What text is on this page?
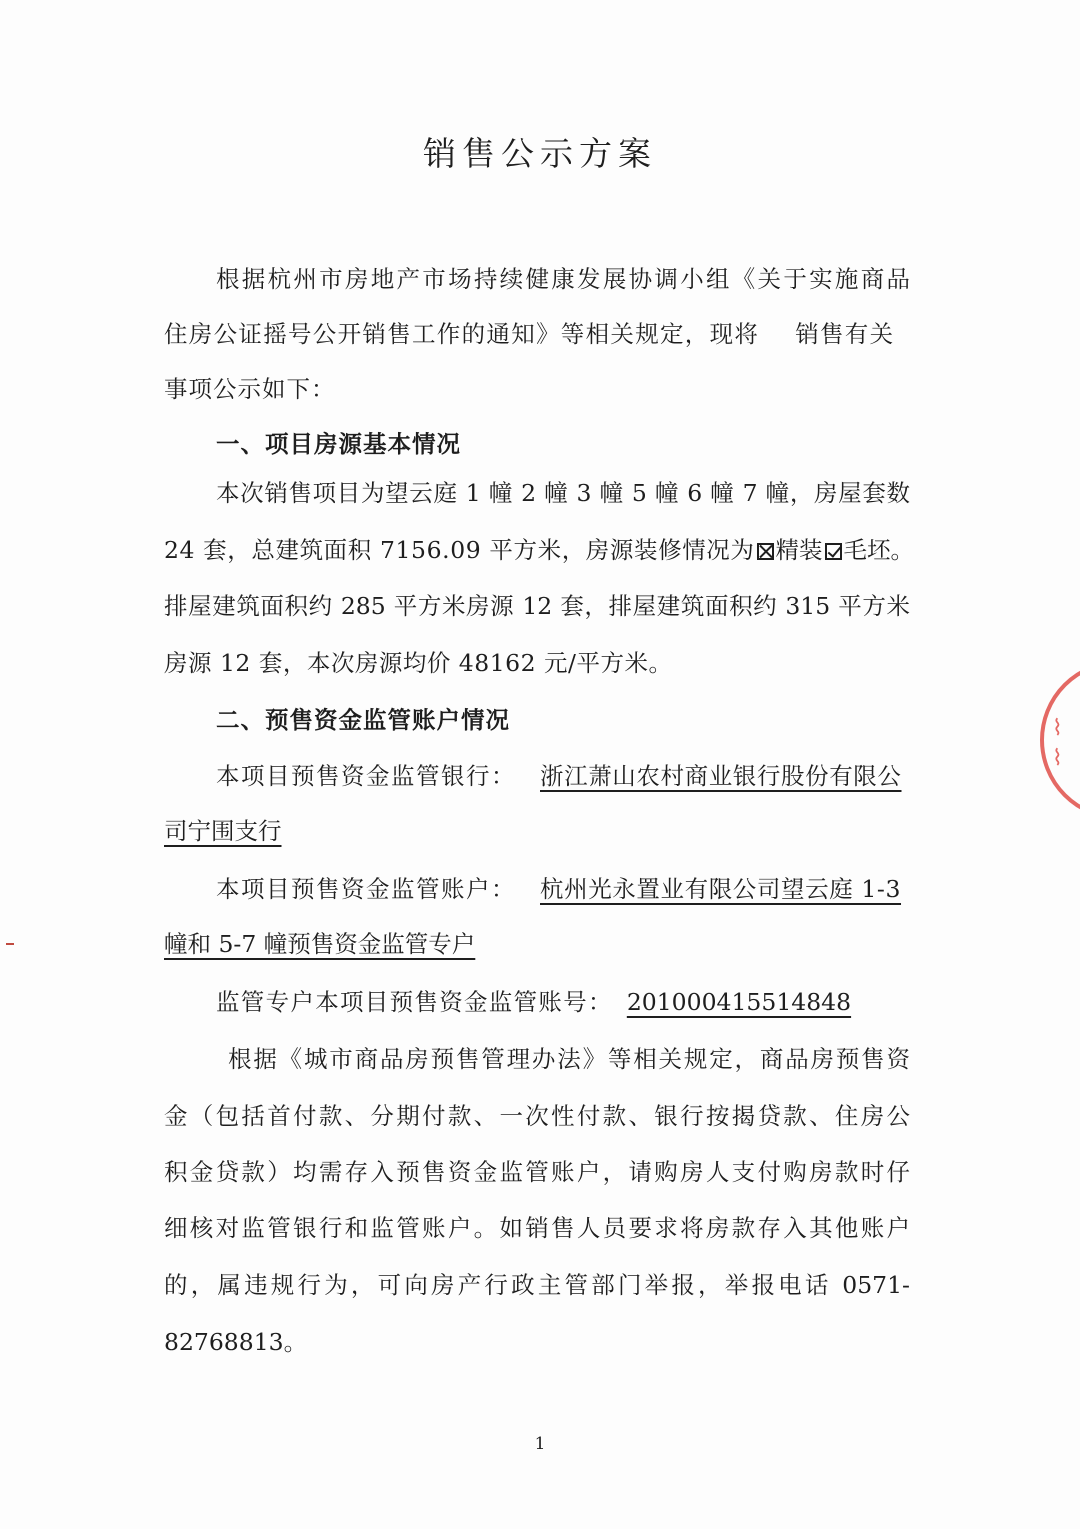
销售公示方案
根据杭州市房地产市场持续健康发展协调小组《关于实施商品
住房公证摇号公开销售工作的通知》等相关规定，现将 销售有关
事项公示如下：
一、项目房源基本情况
本次销售项目为望云庭 1 幢 2 幢 3 幢 5 幢 6 幢 7 幢，房屋套数
24 套，总建筑面积 7156.09 平方米，房源装修情况为 精装 毛坯。
排屋建筑面积约 285 平方米房源 12 套，排屋建筑面积约 315 平方米
房源 12 套，本次房源均价 48162 元/平方米。
二、预售资金监管账户情况
本项目预售资金监管银行： 浙江萧山农村商业银行股份有限公
司宁围支行
本项目预售资金监管账户： 杭州光永置业有限公司望云庭 1-3
幢和 5-7 幢预售资金监管专户
监管专户本项目预售资金监管账号： 201000415514848
根据《城市商品房预售管理办法》等相关规定，商品房预售资
金（包括首付款、分期付款、一次性付款、银行按揭贷款、住房公
积金贷款）均需存入预售资金监管账户，请购房人支付购房款时仔
细核对监管银行和监管账户。如销售人员要求将房款存入其他账户
的，属违规行为，可向房产行政主管部门举报，举报电话 0571-
82768813。
1
⌇
⌇
